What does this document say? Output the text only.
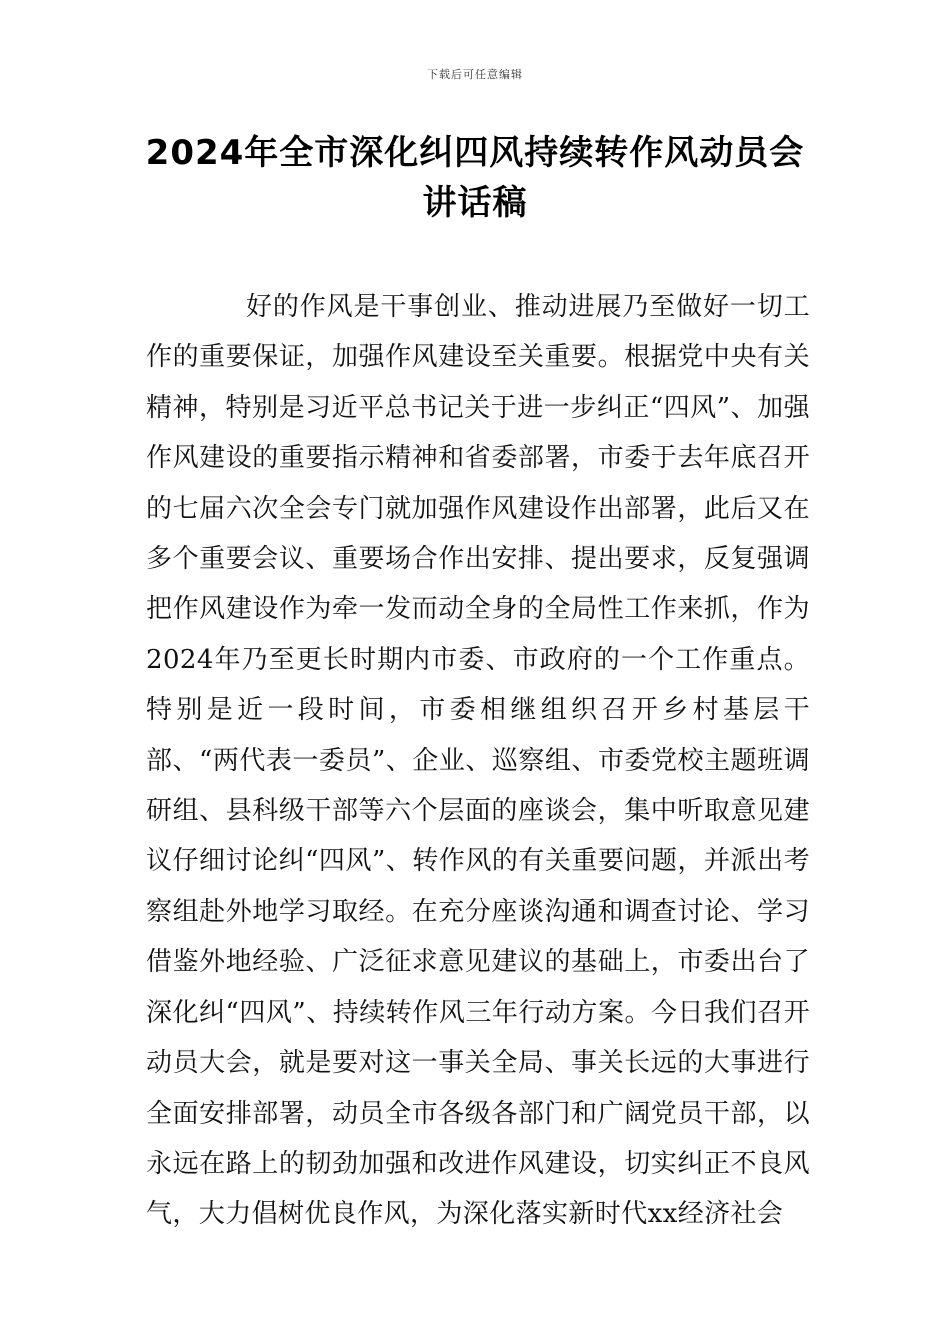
下载后可任意编辑
2024年全市深化纠四风持续转作风动员会
讲话稿

好的作风是干事创业、推动进展乃至做好一切工作的重要保证，加强作风建设至关重要。根据党中央有关精神，特别是习近平总书记关于进一步纠正“四风”、加强作风建设的重要指示精神和省委部署，市委于去年底召开的七届六次全会专门就加强作风建设作出部署，此后又在多个重要会议、重要场合作出安排、提出要求，反复强调把作风建设作为牵一发而动全身的全局性工作来抓，作为2024年乃至更长时期内市委、市政府的一个工作重点。特别是近一段时间，市委相继组织召开乡村基层干部、“两代表一委员”、企业、巡察组、市委党校主题班调研组、县科级干部等六个层面的座谈会，集中听取意见建议仔细讨论纠“四风”、转作风的有关重要问题，并派出考察组赴外地学习取经。在充分座谈沟通和调查讨论、学习借鉴外地经验、广泛征求意见建议的基础上，市委出台了深化纠“四风”、持续转作风三年行动方案。今日我们召开动员大会，就是要对这一事关全局、事关长远的大事进行全面安排部署，动员全市各级各部门和广阔党员干部，以永远在路上的韧劲加强和改进作风建设，切实纠正不良风气，大力倡树优良作风，为深化落实新时代xx经济社会
